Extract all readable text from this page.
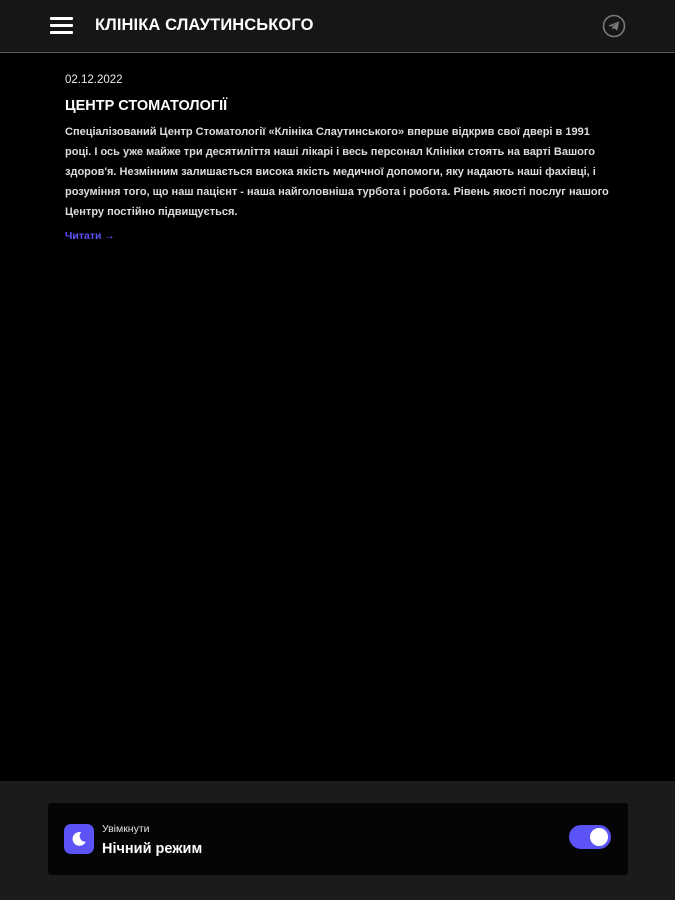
КЛІНІКА СЛАУТИНСЬКОГО
02.12.2022
ЦЕНТР СТОМАТОЛОГІЇ
Спеціалізований Центр Стоматології «Клініка Слаутинського» вперше відкрив свої двері в 1991 році. І ось уже майже три десятиліття наші лікарі і весь персонал Клініки стоять на варті Вашого здоров'я. Незмінним залишається висока якість медичної допомоги, яку надають наші фахівці, і розуміння того, що наш пацієнт - наша найголовніша турбота і робота. Рівень якості послуг нашого Центру постійно підвищується.
Читати →
Увімкнути
Нічний режим
